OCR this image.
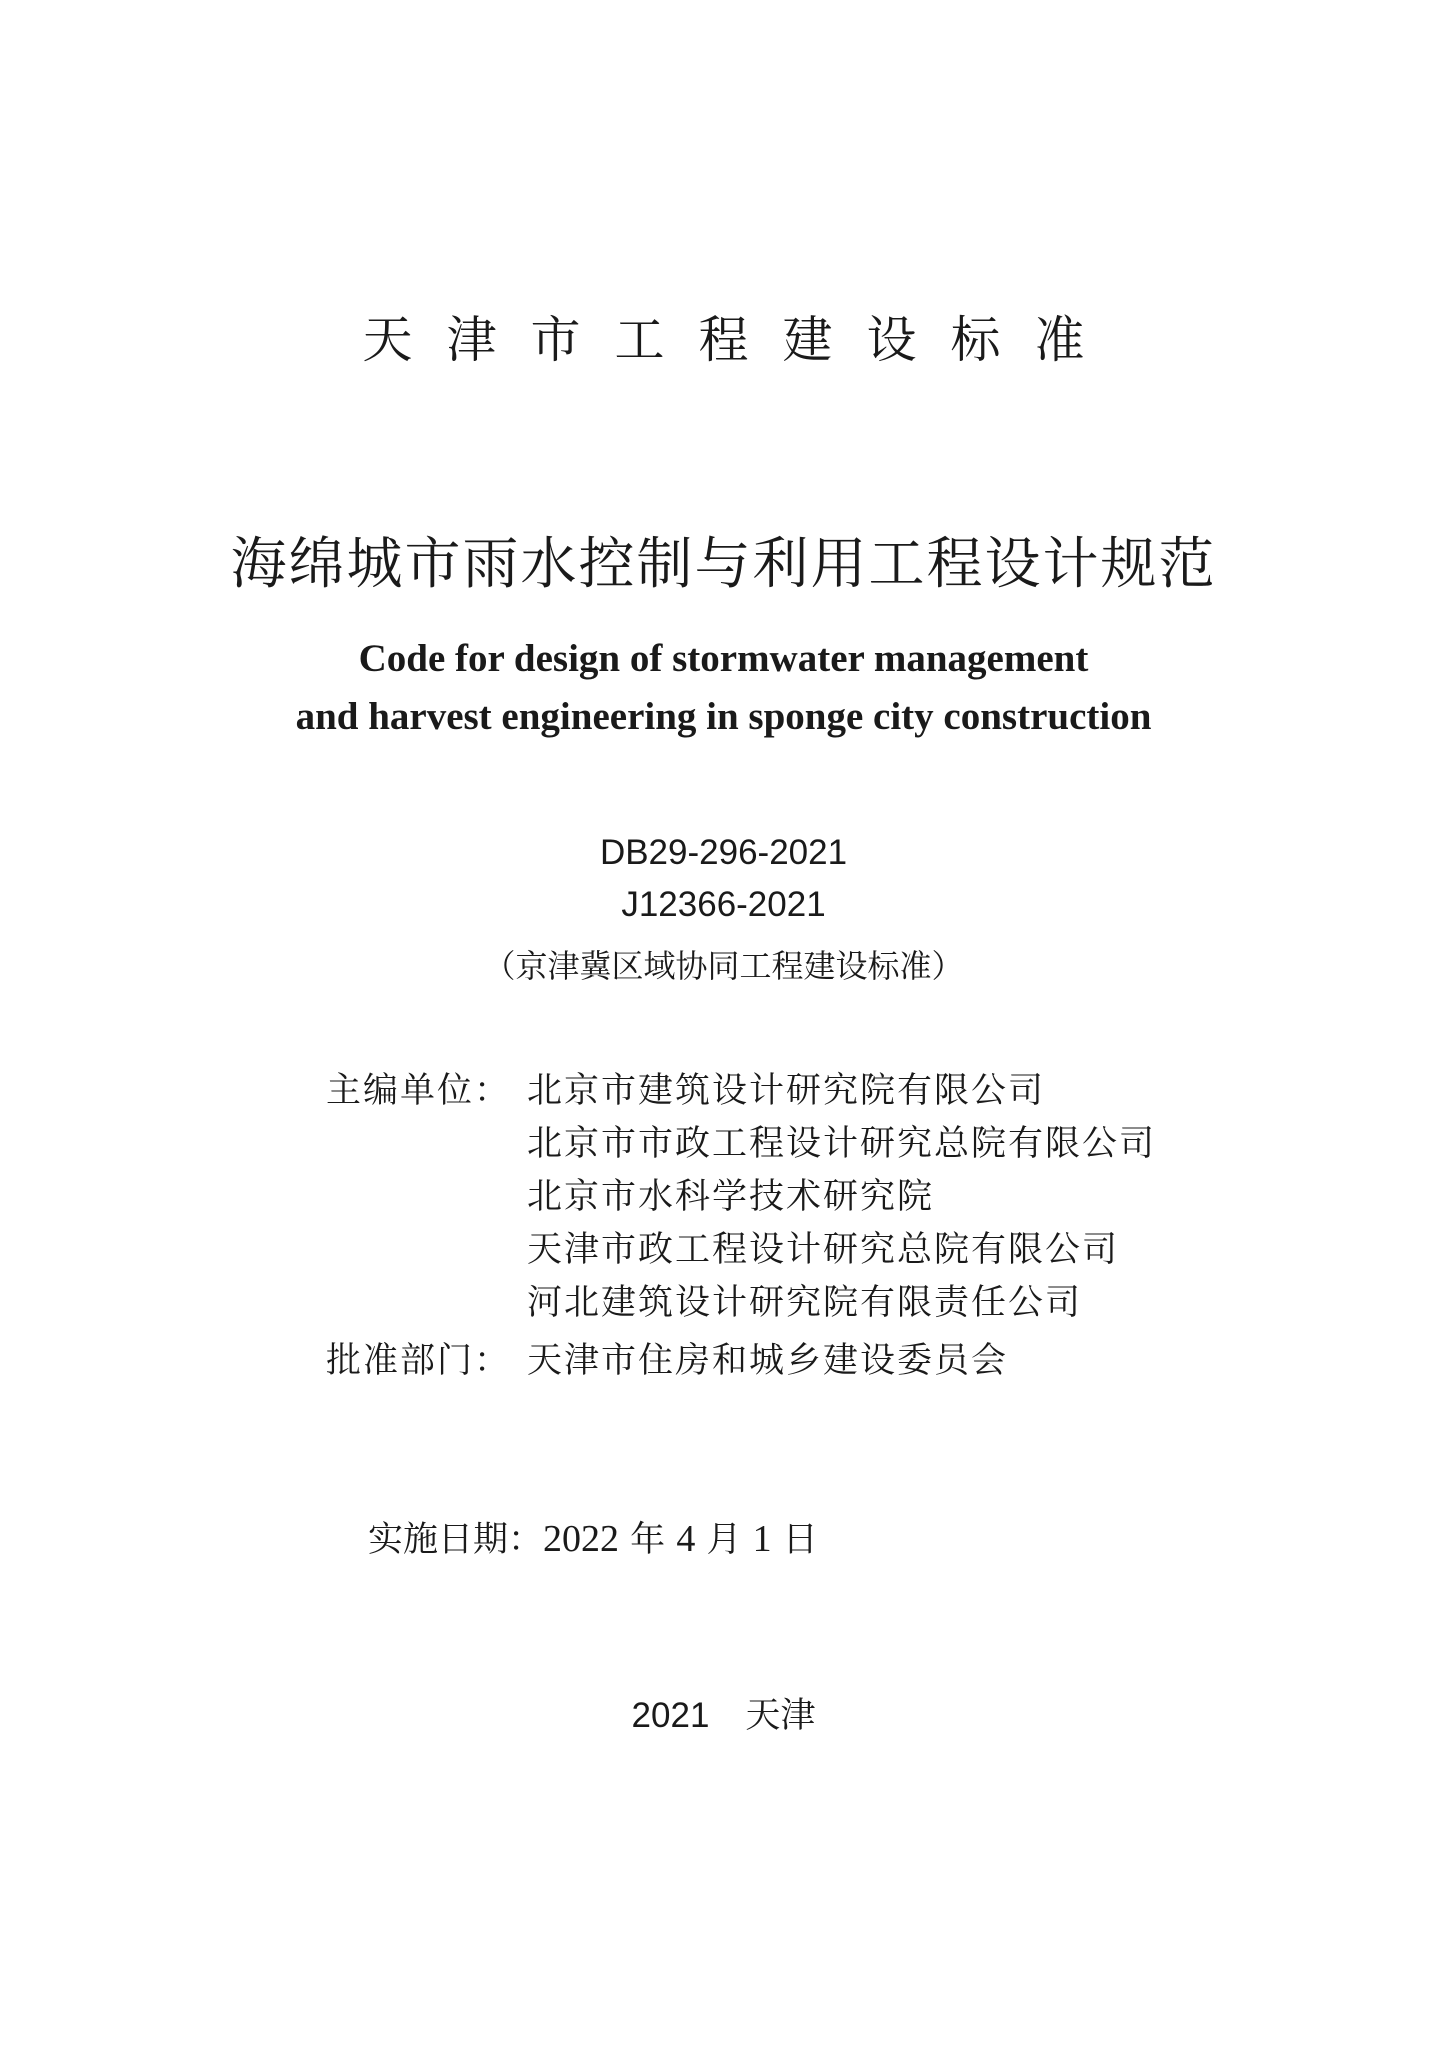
天津市工程建设标准
海绵城市雨水控制与利用工程设计规范
Code for design of stormwater management
and harvest engineering in sponge city construction
DB29-296-2021
J12366-2021
（京津冀区域协同工程建设标准）
主编单位： 北京市建筑设计研究院有限公司
北京市市政工程设计研究总院有限公司
北京市水科学技术研究院
天津市政工程设计研究总院有限公司
河北建筑设计研究院有限责任公司
批准部门： 天津市住房和城乡建设委员会
实施日期：2022 年 4 月 1 日
2021 天津
